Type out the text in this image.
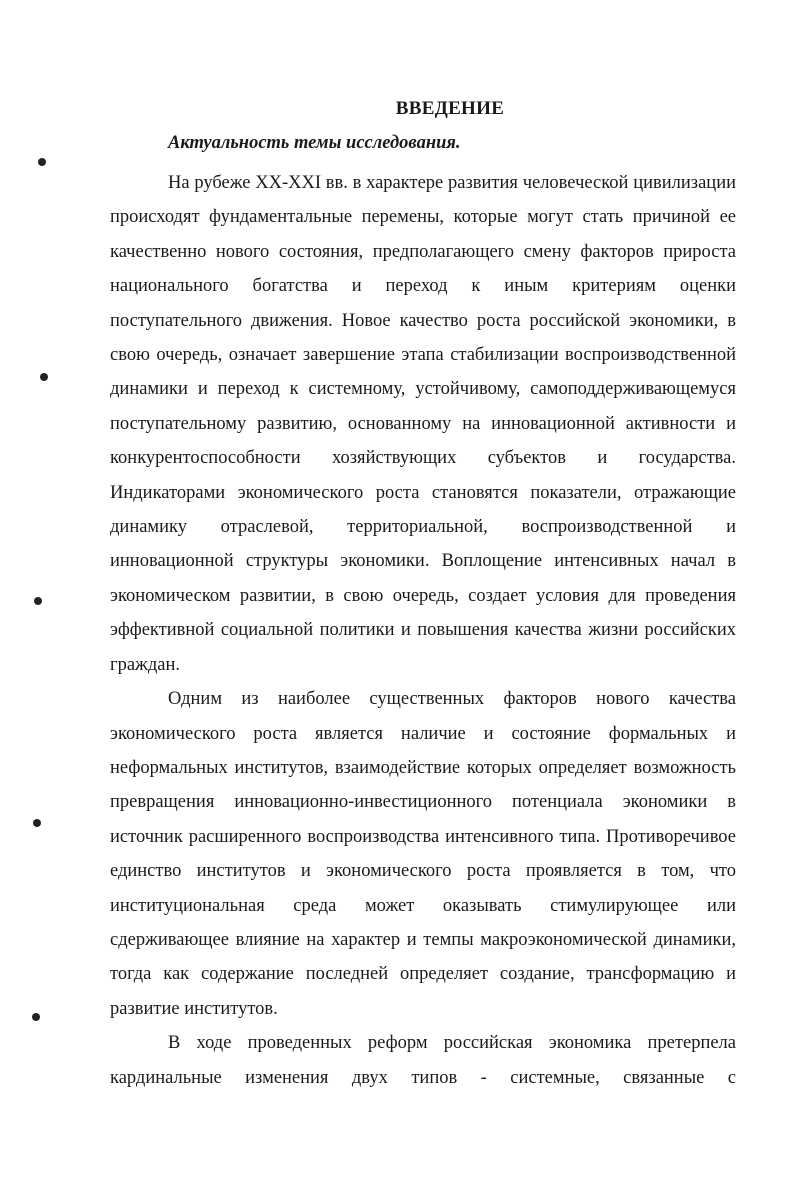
ВВЕДЕНИЕ
Актуальность темы исследования.

На рубеже XX-XXI вв. в характере развития человеческой цивилизации происходят фундаментальные перемены, которые могут стать причиной ее качественно нового состояния, предполагающего смену факторов прироста национального богатства и переход к иным критериям оценки поступательного движения. Новое качество роста российской экономики, в свою очередь, означает завершение этапа стабилизации воспроизводственной динамики и переход к системному, устойчивому, самоподдерживающемуся поступательному развитию, основанному на инновационной активности и конкурентоспособности хозяйствующих субъектов и государства. Индикаторами экономического роста становятся показатели, отражающие динамику отраслевой, территориальной, воспроизводственной и инновационной структуры экономики. Воплощение интенсивных начал в экономическом развитии, в свою очередь, создает условия для проведения эффективной социальной политики и повышения качества жизни российских граждан.

Одним из наиболее существенных факторов нового качества экономического роста является наличие и состояние формальных и неформальных институтов, взаимодействие которых определяет возможность превращения инновационно-инвестиционного потенциала экономики в источник расширенного воспроизводства интенсивного типа. Противоречивое единство институтов и экономического роста проявляется в том, что институциональная среда может оказывать стимулирующее или сдерживающее влияние на характер и темпы макроэкономической динамики, тогда как содержание последней определяет создание, трансформацию и развитие институтов.

В ходе проведенных реформ российская экономика претерпела кардинальные изменения двух типов - системные, связанные с
